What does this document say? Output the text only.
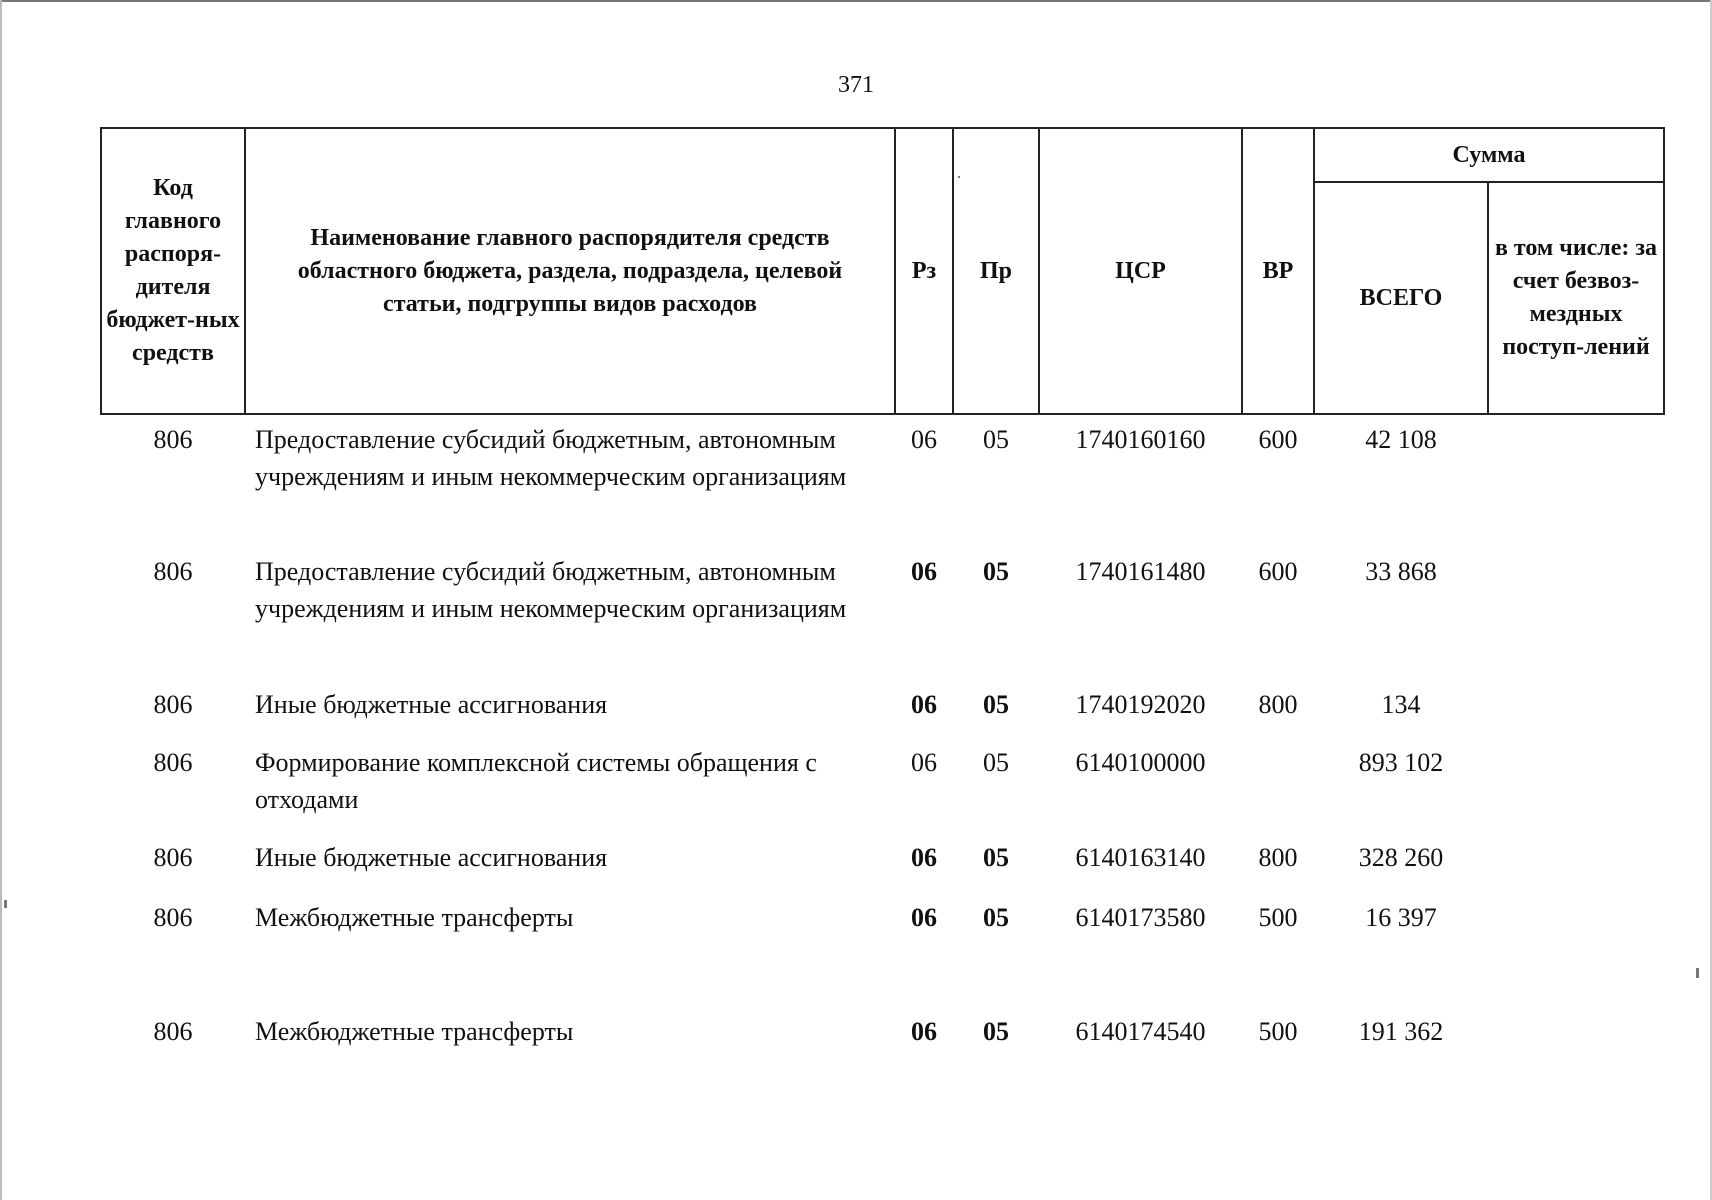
371
Код главного распоря-дителя бюджет-ных средств	Наименование главного распорядителя средств областного бюджета, раздела, подраздела, целевой статьи, подгруппы видов расходов	Рз	Пр	ЦСР	ВР	Сумма	
						ВСЕГО	в том числе: за счет безвоз-мездных поступ-лений
806	Предоставление субсидий бюджетным, автономным учреждениям и иным некоммерческим организациям	06	05	1740160160	600	42 108	
806	Предоставление субсидий бюджетным, автономным учреждениям и иным некоммерческим организациям	06	05	1740161480	600	33 868	
806	Иные бюджетные ассигнования	06	05	1740192020	800	134	
806	Формирование комплексной системы обращения с отходами	06	05	6140100000		893 102	
806	Иные бюджетные ассигнования	06	05	6140163140	800	328 260	
806	Межбюджетные трансферты	06	05	6140173580	500	16 397	
806	Межбюджетные трансферты	06	05	6140174540	500	191 362	
